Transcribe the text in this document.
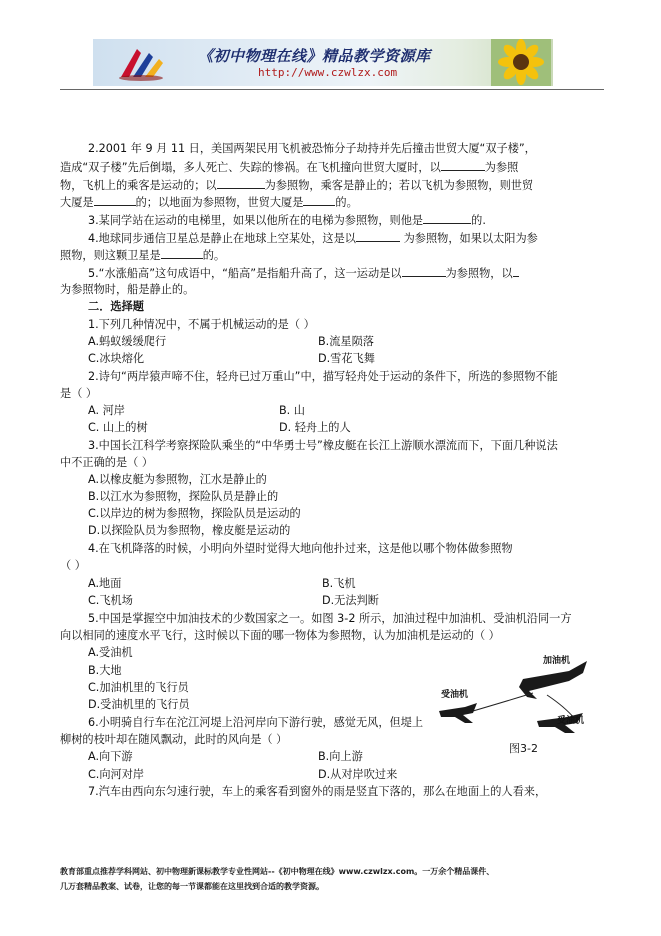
《初中物理在线》精品教学资源库
http://www.czwlzx.com
2.2001 年 9 月 11 日，美国两架民用飞机被恐怖分子劫持并先后撞击世贸大厦“双子楼”，
造成“双子楼”先后倒塌，多人死亡、失踪的惨祸。在飞机撞向世贸大厦时，以	为参照
物，飞机上的乘客是运动的；以	为参照物，乘客是静止的；若以飞机为参照物，则世贸
大厦是	的；以地面为参照物，世贸大厦是	的。
3.某同学站在运动的电梯里，如果以他所在的电梯为参照物，则他是	的.
4.地球同步通信卫星总是静止在地球上空某处，这是以	为参照物，如果以太阳为参
照物，则这颗卫星是	的。
5.“水涨船高”这句成语中，“船高”是指船升高了，这一运动是以	为参照物，以
为参照物时，船是静止的。
二．选择题
1.下列几种情况中，不属于机械运动的是（ ）
A.蚂蚁缓缓爬行	B.流星陨落
C.冰块熔化	D.雪花飞舞
2.诗句“两岸猿声啼不住，轻舟已过万重山”中，描写轻舟处于运动的条件下，所选的参照物不能
是（ ）
A. 河岸	B. 山
C. 山上的树	D. 轻舟上的人
3.中国长江科学考察探险队乘坐的“中华勇士号”橡皮艇在长江上游顺水漂流而下，下面几种说法
中不正确的是（ ）
A.以橡皮艇为参照物，江水是静止的
B.以江水为参照物，探险队员是静止的
C.以岸边的树为参照物，探险队员是运动的
D.以探险队员为参照物，橡皮艇是运动的
4.在飞机降落的时候，小明向外望时觉得大地向他扑过来，这是他以哪个物体做参照物
（ ）
A.地面	B.飞机
C.飞机场	D.无法判断
5.中国是掌握空中加油技术的少数国家之一。如图 3-2 所示，加油过程中加油机、受油机沿同一方
向以相同的速度水平飞行，这时候以下面的哪一物体为参照物，认为加油机是运动的（ ）
A.受油机
B.大地
C.加油机里的飞行员
D.受油机里的飞行员
6.小明骑自行车在沱江河堤上沿河岸向下游行驶，感觉无风，但堤上
柳树的枝叶却在随风飘动，此时的风向是（ ）
A.向下游	B.向上游
C.向河对岸	D.从对岸吹过来
7.汽车由西向东匀速行驶，车上的乘客看到窗外的雨是竖直下落的，那么在地面上的人看来，
加油机
受油机
受油机
图3-2
教育部重点推荐学科网站、初中物理新课标教学专业性网站--《初中物理在线》www.czwlzx.com。一万余个精品课件、
几万套精品教案、试卷，让您的每一节课都能在这里找到合适的教学资源。
